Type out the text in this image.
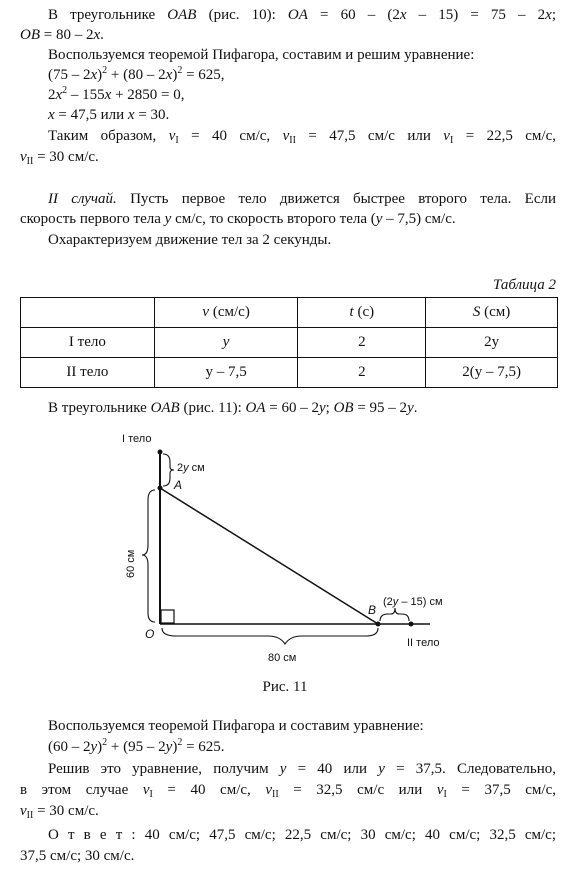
В треугольнике OAB (рис. 10): OA = 60 – (2x – 15) = 75 – 2x;
OB = 80 – 2x.
Воспользуемся теоремой Пифагора, составим и решим уравнение:
(75 – 2x)$^2$ + (80 – 2x)$^2$ = 625,
$2x^2 - 155x + 2850 = 0$,
x = 47,5 или x = 30.
Таким образом, $v_I = 40$ см/с, $v_{II} = 47,5$ см/с или $v_I = 22,5$ см/с,
$v_{II} = 30$ см/с.
II случай. Пусть первое тело движется быстрее второго тела. Если
скорость первого тела y см/с, то скорость второго тела (y – 7,5) см/с.
Охарактеризуем движение тел за 2 секунды.
Таблица 2
	v (см/с)	t (с)	S (см)
I тело	y	2	2y
II тело	y – 7,5	2	2(y – 7,5)
В треугольнике OAB (рис. 11): OA = 60 – 2y; OB = 95 – 2y.
I тело
2y см
A
60 см
O
80 см
B
(2y – 15) см
II тело
Рис. 11
Воспользуемся теоремой Пифагора и составим уравнение:
(60 – 2y)$^2$ + (95 – 2y)$^2$ = 625.
Решив это уравнение, получим y = 40 или y = 37,5. Следовательно,
в этом случае $v_I = 40$ см/с, $v_{II} = 32,5$ см/с или $v_I = 37,5$ см/с,
$v_{II} = 30$ см/с.
О т в е т : 40 см/с; 47,5 см/с; 22,5 см/с; 30 см/с; 40 см/с; 32,5 см/с;
37,5 см/с; 30 см/с.
